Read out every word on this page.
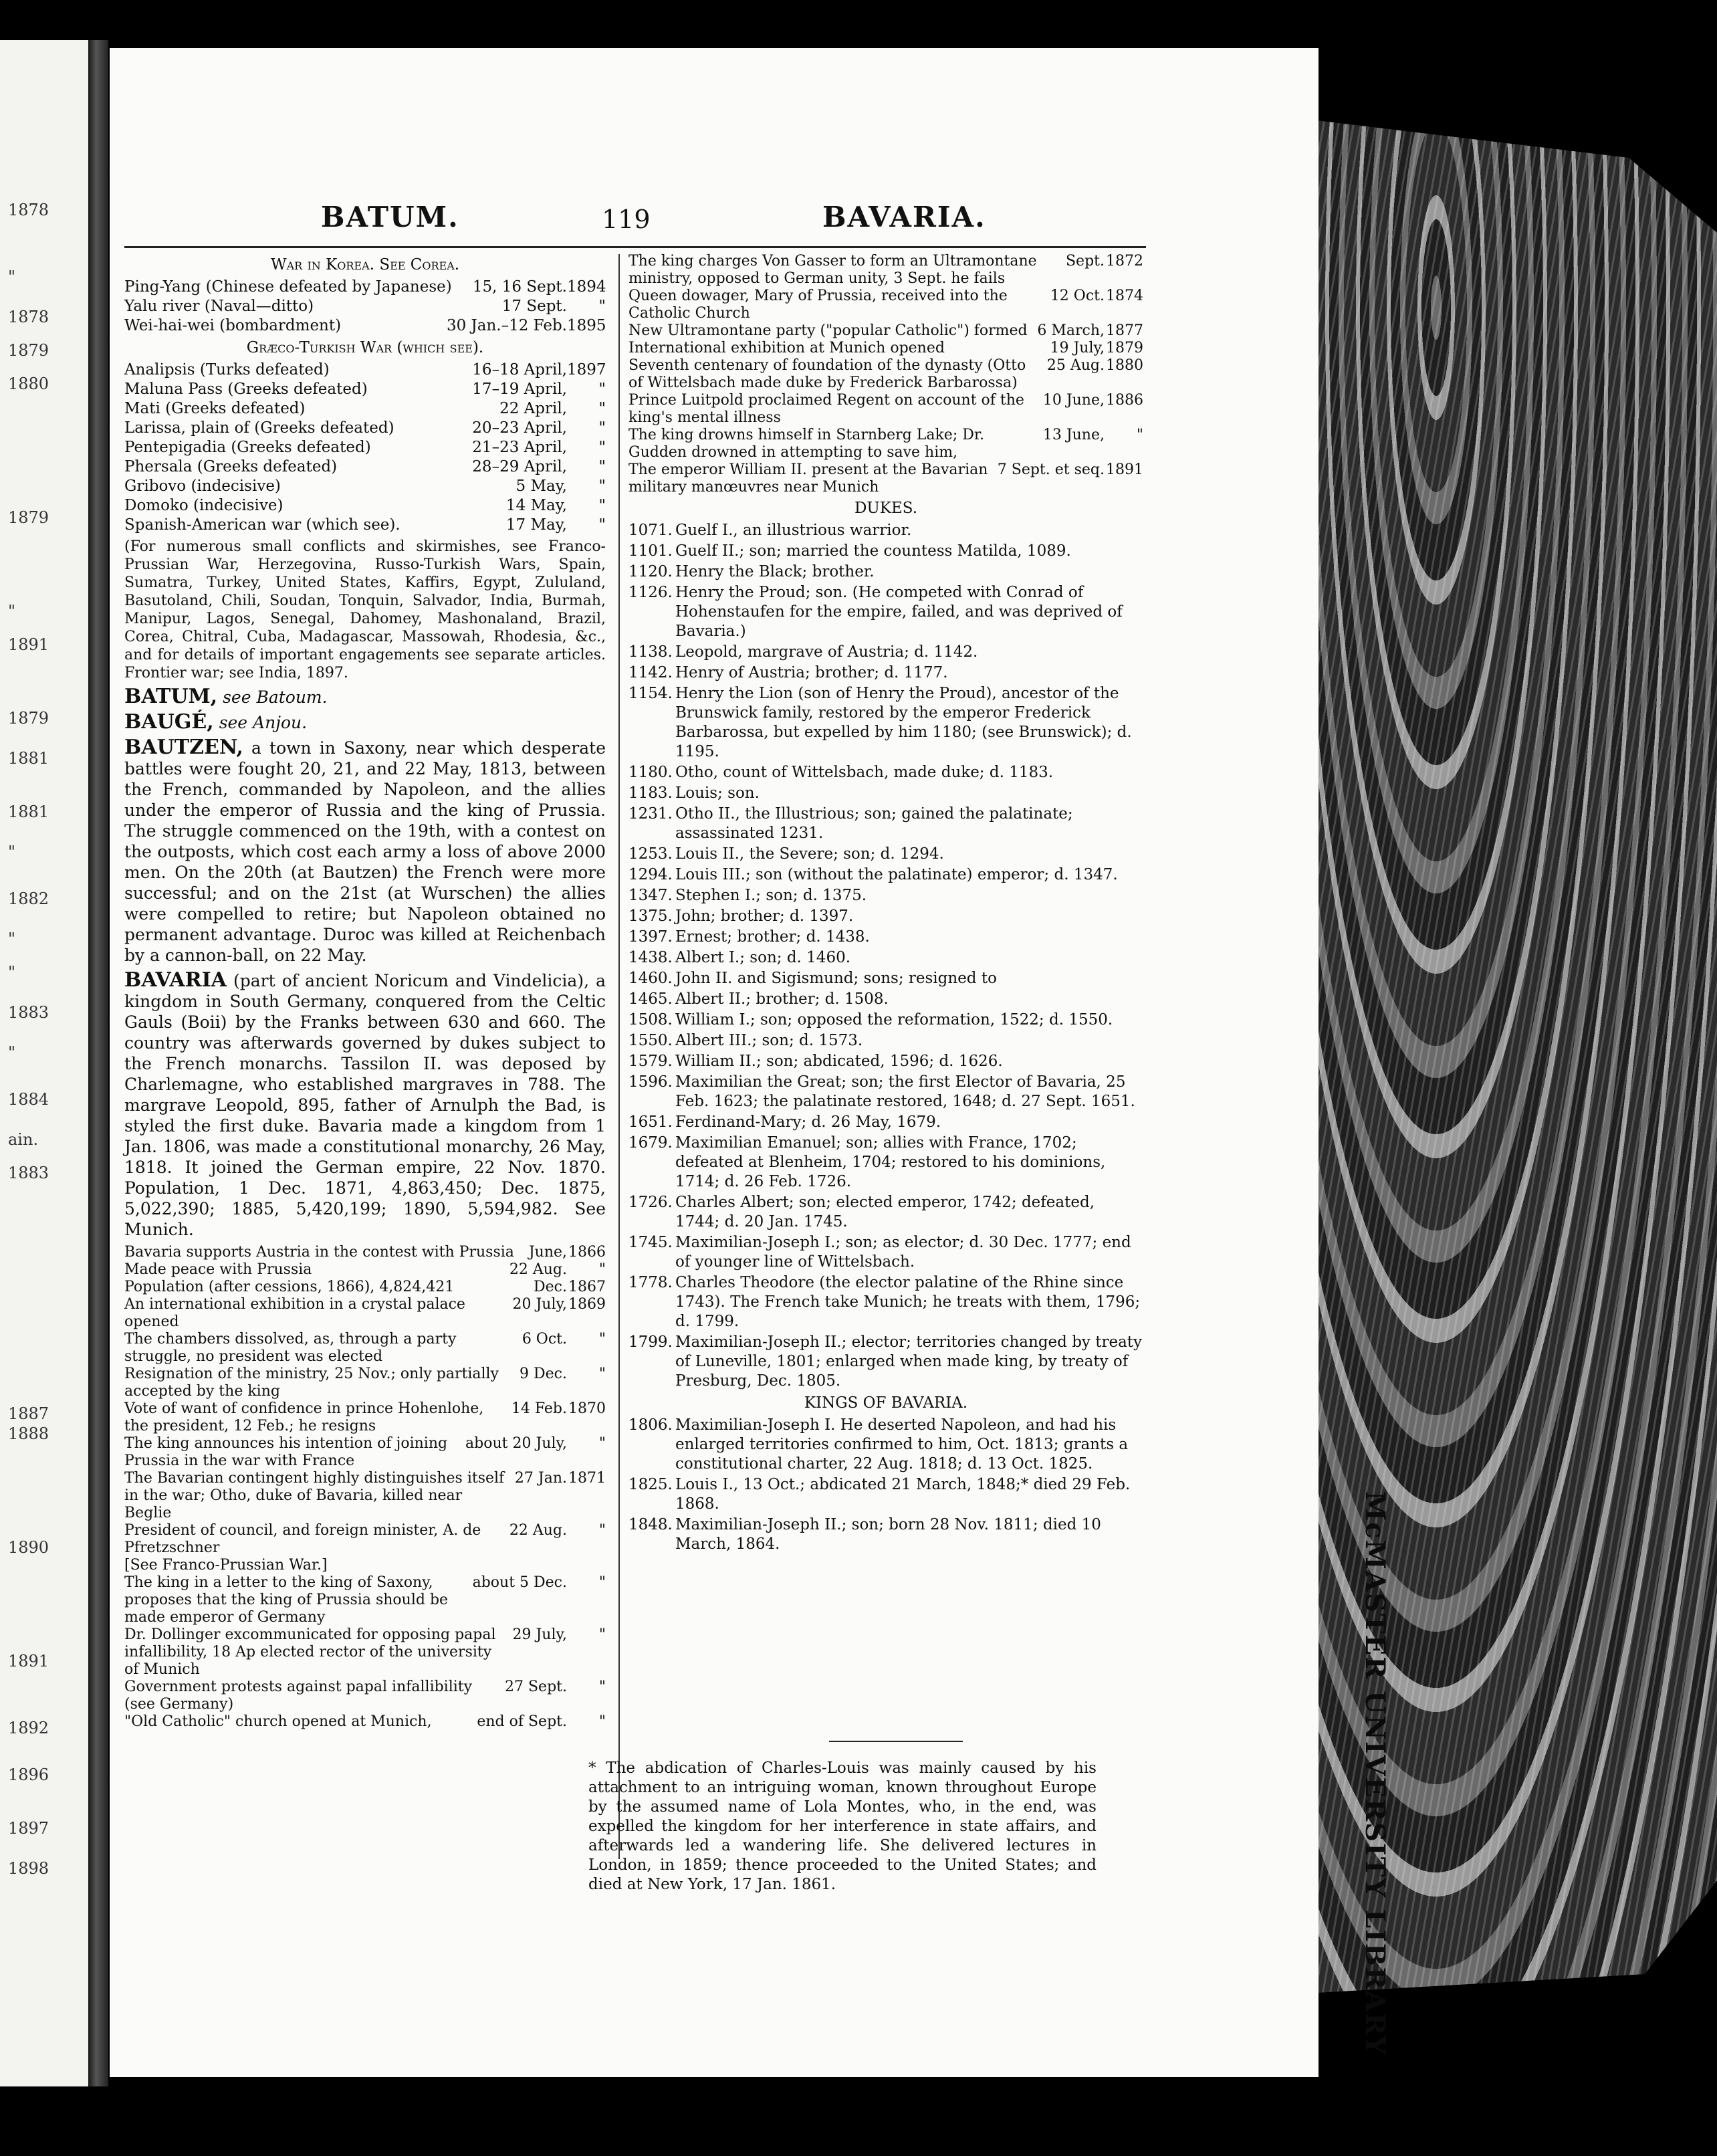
1878
"
1878
1879
1880
1879
"
1891
1879
1881
1881
"
1882
"
"
1883
"
1884
ain.
1883
1887
1888
1890
1891
1892
1896
1897
1898	McMASTER UNIVERSITY LIBRARY
BATUM.	119	BAVARIA.
War in Korea. See Corea.
Ping-Yang (Chinese defeated by Japanese)	15, 16 Sept. 1894
Yalu river (Naval—ditto)	17 Sept.	"
Wei-hai-wei (bombardment)	30 Jan.–12 Feb. 1895
Græco-Turkish War (which see).
Analipsis (Turks defeated)	16–18 April, 1897
Maluna Pass (Greeks defeated)	17–19 April,	"
Mati (Greeks defeated)	22 April,	"
Larissa, plain of (Greeks defeated)	20–23 April,	"
Pentepigadia (Greeks defeated)	21–23 April,	"
Phersala (Greeks defeated)	28–29 April,	"
Gribovo (indecisive)	5 May,	"
Domoko (indecisive)	14 May,	"
Spanish-American war (which see).	17 May,	"
(For numerous small conflicts and skirmishes, see Franco-Prussian War, Herzegovina, Russo-Turkish Wars, Spain, Sumatra, Turkey, United States, Kaffirs, Egypt, Zululand, Basutoland, Chili, Soudan, Tonquin, Salvador, India, Burmah, Manipur, Lagos, Senegal, Dahomey, Mashonaland, Brazil, Corea, Chitral, Cuba, Madagascar, Massowah, Rhodesia, &c., and for details of important engagements see separate articles. Frontier war; see India, 1897.
BATUM, see Batoum.
BAUGÉ, see Anjou.
BAUTZEN, a town in Saxony, near which desperate battles were fought 20, 21, and 22 May, 1813, between the French, commanded by Napoleon, and the allies under the emperor of Russia and the king of Prussia. The struggle commenced on the 19th, with a contest on the outposts, which cost each army a loss of above 2000 men. On the 20th (at Bautzen) the French were more successful; and on the 21st (at Wurschen) the allies were compelled to retire; but Napoleon obtained no permanent advantage. Duroc was killed at Reichenbach by a cannon-ball, on 22 May.
BAVARIA (part of ancient Noricum and Vindelicia), a kingdom in South Germany, conquered from the Celtic Gauls (Boii) by the Franks between 630 and 660. The country was afterwards governed by dukes subject to the French monarchs. Tassilon II. was deposed by Charlemagne, who established margraves in 788. The margrave Leopold, 895, father of Arnulph the Bad, is styled the first duke. Bavaria made a kingdom from 1 Jan. 1806, was made a constitutional monarchy, 26 May, 1818. It joined the German empire, 22 Nov. 1870. Population, 1 Dec. 1871, 4,863,450; Dec. 1875, 5,022,390; 1885, 5,420,199; 1890, 5,594,982. See Munich.
Bavaria supports Austria in the contest with Prussia June, 1866
Made peace with Prussia	22 Aug.	"
Population (after cessions, 1866), 4,824,421	Dec. 1867
An international exhibition in a crystal palace opened
20 July, 1869
The chambers dissolved, as, through a party struggle, no president was elected
6 Oct.	"
Resignation of the ministry, 25 Nov.; only partially accepted by the king
9 Dec.	"
Vote of want of confidence in prince Hohenlohe, the president, 12 Feb.; he resigns
14 Feb. 1870
The king announces his intention of joining Prussia in the war with France
about 20 July,	"
The Bavarian contingent highly distinguishes itself in the war; Otho, duke of Bavaria, killed near Beglie
27 Jan. 1871
President of council, and foreign minister, A. de Pfretzschner
22 Aug.	"
[See Franco-Prussian War.]
The king in a letter to the king of Saxony, proposes that the king of Prussia should be made emperor of Germany
about 5 Dec.	"
Dr. Dollinger excommunicated for opposing papal infallibility, 18 Ap elected rector of the university of Munich
29 July,	"
Government protests against papal infallibility (see Germany)
27 Sept.	"
"Old Catholic" church opened at Munich,	end of Sept.	"
The king charges Von Gasser to form an Ultramontane ministry, opposed to German unity, 3 Sept. he fails
Sept. 1872
Queen dowager, Mary of Prussia, received into the Catholic Church
12 Oct. 1874
New Ultramontane party ("popular Catholic") formed 6 March, 1877
International exhibition at Munich opened	19 July, 1879
Seventh centenary of foundation of the dynasty (Otto of Wittelsbach made duke by Frederick Barbarossa)
25 Aug. 1880
Prince Luitpold proclaimed Regent on account of the king's mental illness
10 June, 1886
The king drowns himself in Starnberg Lake; Dr. Gudden drowned in attempting to save him,
13 June,	"
The emperor William II. present at the Bavarian military manœuvres near Munich
7 Sept. et seq. 1891
DUKES.
1071. Guelf I., an illustrious warrior.
1101. Guelf II.; son; married the countess Matilda, 1089.
1120. Henry the Black; brother.
1126. Henry the Proud; son. (He competed with Conrad of Hohenstaufen for the empire, failed, and was deprived of Bavaria.)
1138. Leopold, margrave of Austria; d. 1142.
1142. Henry of Austria; brother; d. 1177.
1154. Henry the Lion (son of Henry the Proud), ancestor of the Brunswick family, restored by the emperor Frederick Barbarossa, but expelled by him 1180; (see Brunswick); d. 1195.
1180. Otho, count of Wittelsbach, made duke; d. 1183.
1183. Louis; son.
1231. Otho II., the Illustrious; son; gained the palatinate; assassinated 1231.
1253. Louis II., the Severe; son; d. 1294.
1294. Louis III.; son (without the palatinate) emperor; d. 1347.
1347. Stephen I.; son; d. 1375.
1375. John; brother; d. 1397.
1397. Ernest; brother; d. 1438.
1438. Albert I.; son; d. 1460.
1460. John II. and Sigismund; sons; resigned to
1465. Albert II.; brother; d. 1508.
1508. William I.; son; opposed the reformation, 1522; d. 1550.
1550. Albert III.; son; d. 1573.
1579. William II.; son; abdicated, 1596; d. 1626.
1596. Maximilian the Great; son; the first Elector of Bavaria, 25 Feb. 1623; the palatinate restored, 1648; d. 27 Sept. 1651.
1651. Ferdinand-Mary; d. 26 May, 1679.
1679. Maximilian Emanuel; son; allies with France, 1702; defeated at Blenheim, 1704; restored to his dominions, 1714; d. 26 Feb. 1726.
1726. Charles Albert; son; elected emperor, 1742; defeated, 1744; d. 20 Jan. 1745.
1745. Maximilian-Joseph I.; son; as elector; d. 30 Dec. 1777; end of younger line of Wittelsbach.
1778. Charles Theodore (the elector palatine of the Rhine since 1743). The French take Munich; he treats with them, 1796; d. 1799.
1799. Maximilian-Joseph II.; elector; territories changed by treaty of Luneville, 1801; enlarged when made king, by treaty of Presburg, Dec. 1805.
KINGS OF BAVARIA.
1806. Maximilian-Joseph I. He deserted Napoleon, and had his enlarged territories confirmed to him, Oct. 1813; grants a constitutional charter, 22 Aug. 1818; d. 13 Oct. 1825.
1825. Louis I., 13 Oct.; abdicated 21 March, 1848;* died 29 Feb. 1868.
1848. Maximilian-Joseph II.; son; born 28 Nov. 1811; died 10 March, 1864.
* The abdication of Charles-Louis was mainly caused by his attachment to an intriguing woman, known throughout Europe by the assumed name of Lola Montes, who, in the end, was expelled the kingdom for her interference in state affairs, and afterwards led a wandering life. She delivered lectures in London, in 1859; thence proceeded to the United States; and died at New York, 17 Jan. 1861.
